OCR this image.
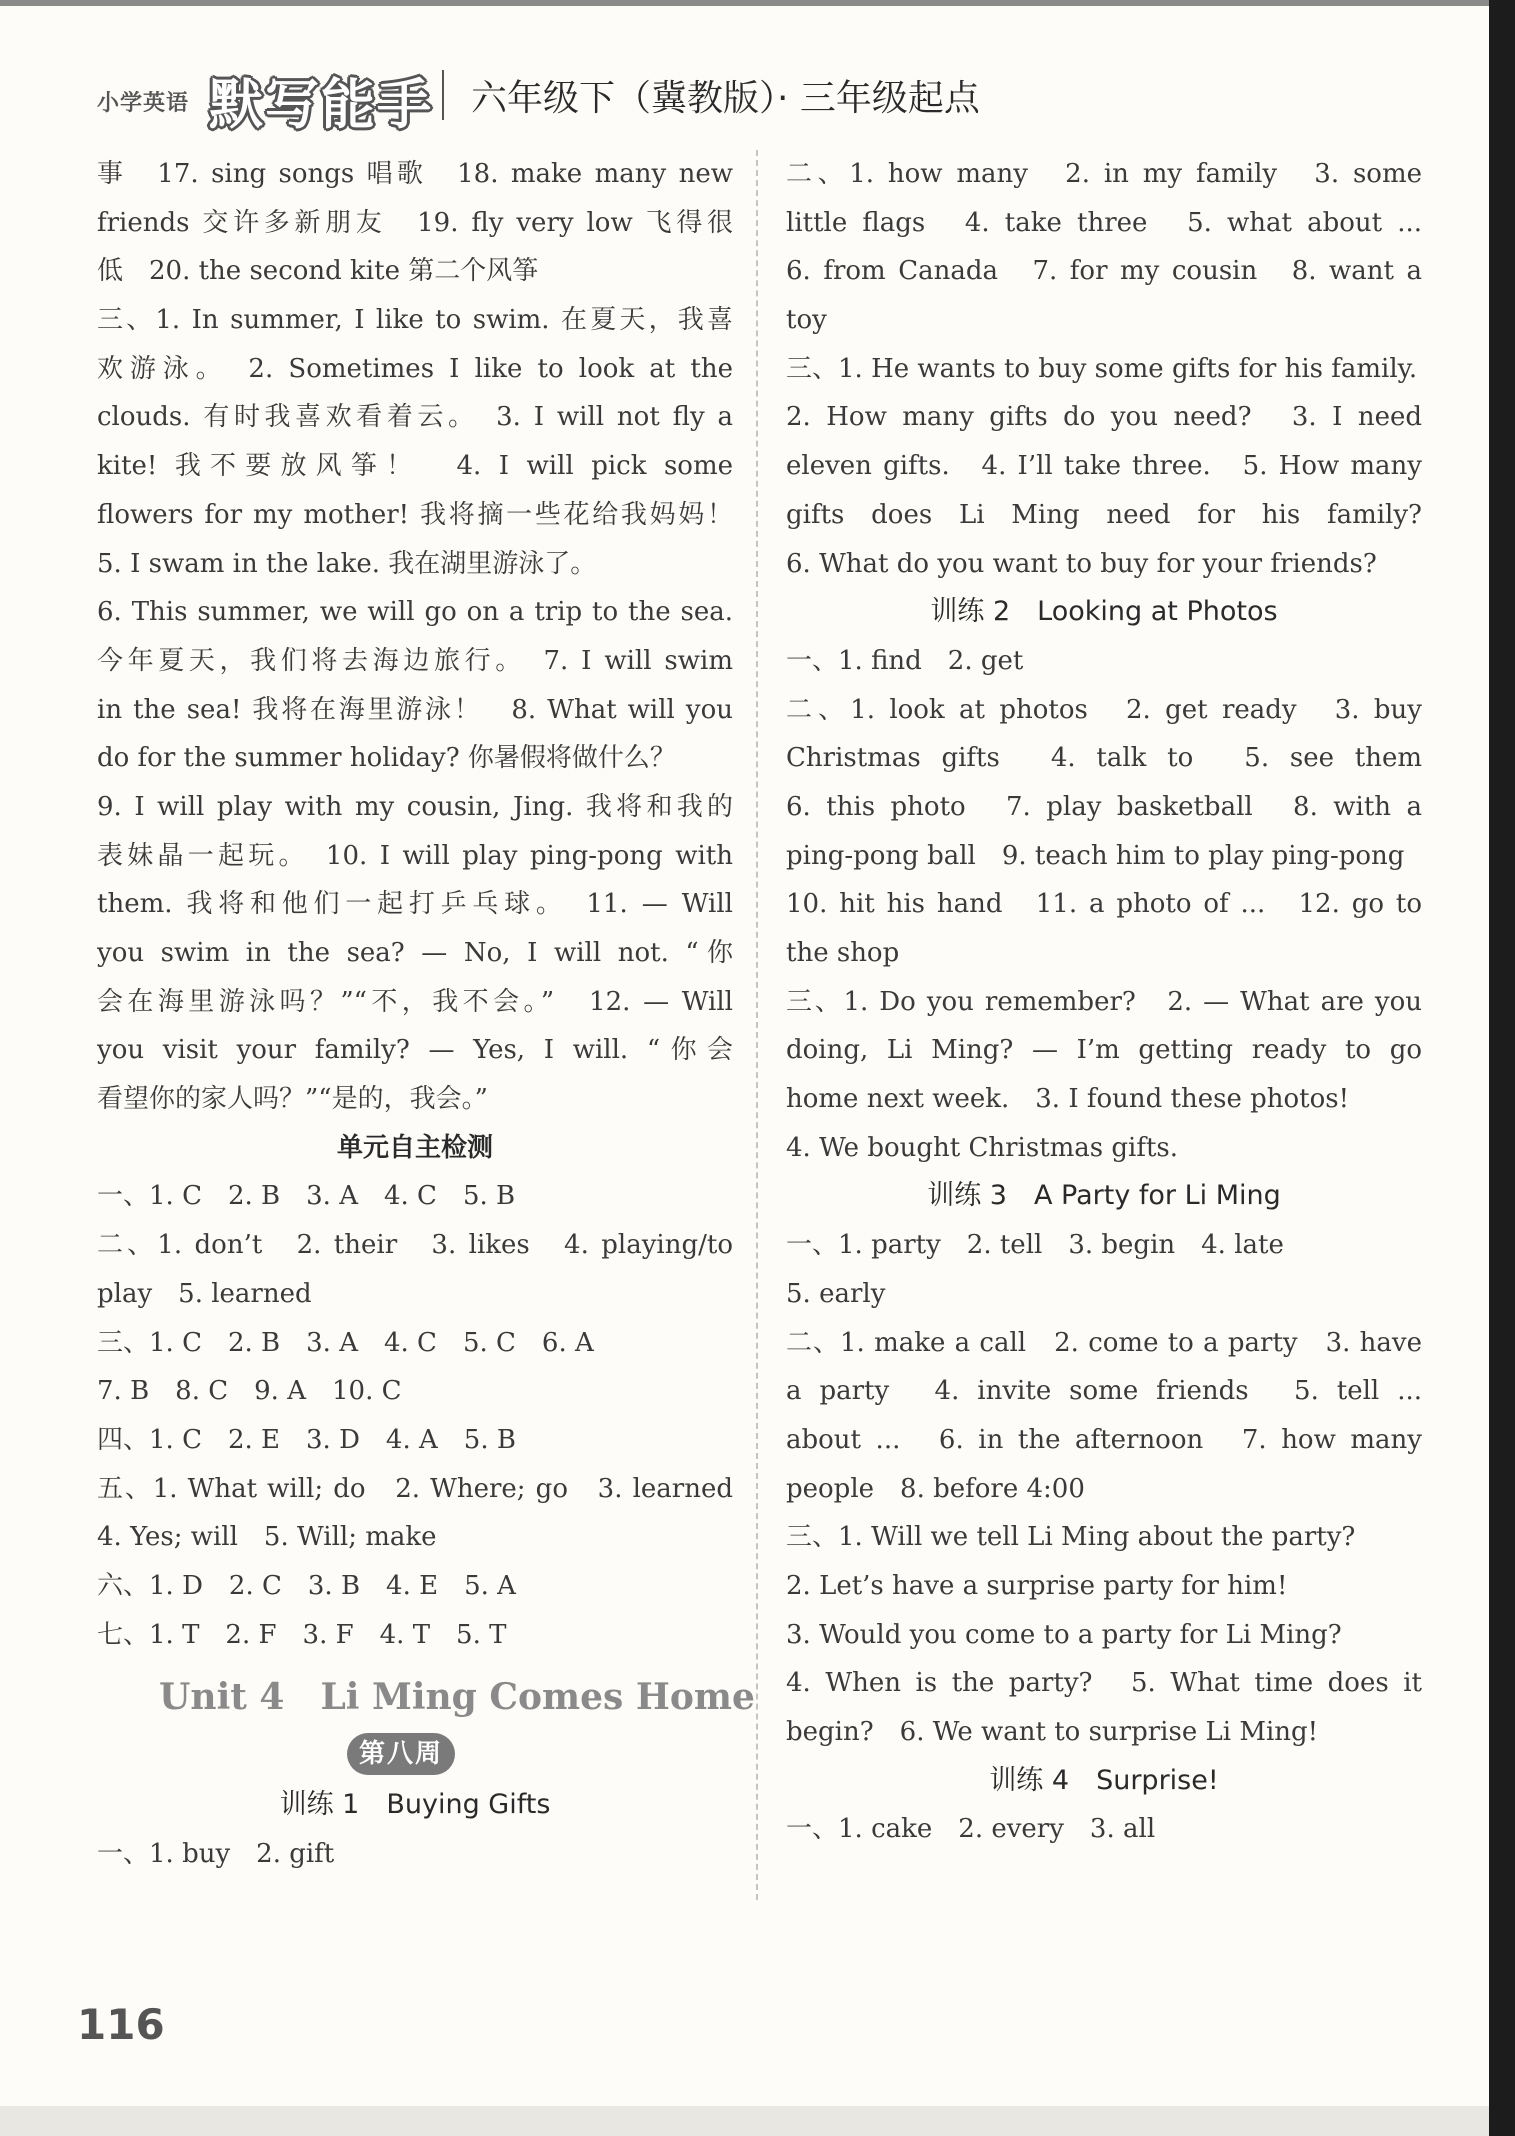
小学英语 默写能手 六年级下（冀教版）· 三年级起点
事　17. sing songs 唱歌　18. make many new
friends 交许多新朋友　19. fly very low 飞得很
低　20. the second kite 第二个风筝
三、1. In summer, I like to swim. 在夏天，我喜
欢游泳。　2. Sometimes I like to look at the
clouds. 有时我喜欢看着云。　3. I will not fly a
kite! 我不要放风筝！　4. I will pick some
flowers for my mother! 我将摘一些花给我妈妈！
5. I swam in the lake. 我在湖里游泳了。
6. This summer, we will go on a trip to the sea.
今年夏天，我们将去海边旅行。　7. I will swim
in the sea! 我将在海里游泳！　8. What will you
do for the summer holiday? 你暑假将做什么？
9. I will play with my cousin, Jing. 我将和我的
表妹晶一起玩。　10. I will play ping-pong with
them. 我将和他们一起打乒乓球。　11. — Will
you swim in the sea? — No, I will not. “你
会在海里游泳吗？”“不，我不会。”　12. — Will
you visit your family? — Yes, I will. “你会
看望你的家人吗？”“是的，我会。”
单元自主检测
一、1. C　2. B　3. A　4. C　5. B
二、1. don’t　2. their　3. likes　4. playing/to
play　5. learned
三、1. C　2. B　3. A　4. C　5. C　6. A
7. B　8. C　9. A　10. C
四、1. C　2. E　3. D　4. A　5. B
五、1. What will; do　2. Where; go　3. learned
4. Yes; will　5. Will; make
六、1. D　2. C　3. B　4. E　5. A
七、1. T　2. F　3. F　4. T　5. T
Unit 4　Li Ming Comes Home
第八周
训练 1　Buying Gifts
一、1. buy　2. gift
二、1. how many　2. in my family　3. some
little flags　4. take three　5. what about ...
6. from Canada　7. for my cousin　8. want a
toy
三、1. He wants to buy some gifts for his family.
2. How many gifts do you need?　3. I need
eleven gifts.　4. I’ll take three.　5. How many
gifts does Li Ming need for his family?
6. What do you want to buy for your friends?
训练 2　Looking at Photos
一、1. find　2. get
二、1. look at photos　2. get ready　3. buy
Christmas gifts　4. talk to　5. see them
6. this photo　7. play basketball　8. with a
ping-pong ball　9. teach him to play ping-pong
10. hit his hand　11. a photo of ...　12. go to
the shop
三、1. Do you remember?　2. — What are you
doing, Li Ming? — I’m getting ready to go
home next week.　3. I found these photos!
4. We bought Christmas gifts.
训练 3　A Party for Li Ming
一、1. party　2. tell　3. begin　4. late
5. early
二、1. make a call　2. come to a party　3. have
a party　4. invite some friends　5. tell ...
about ...　6. in the afternoon　7. how many
people　8. before 4:00
三、1. Will we tell Li Ming about the party?
2. Let’s have a surprise party for him!
3. Would you come to a party for Li Ming?
4. When is the party?　5. What time does it
begin?　6. We want to surprise Li Ming!
训练 4　Surprise!
一、1. cake　2. every　3. all
116
